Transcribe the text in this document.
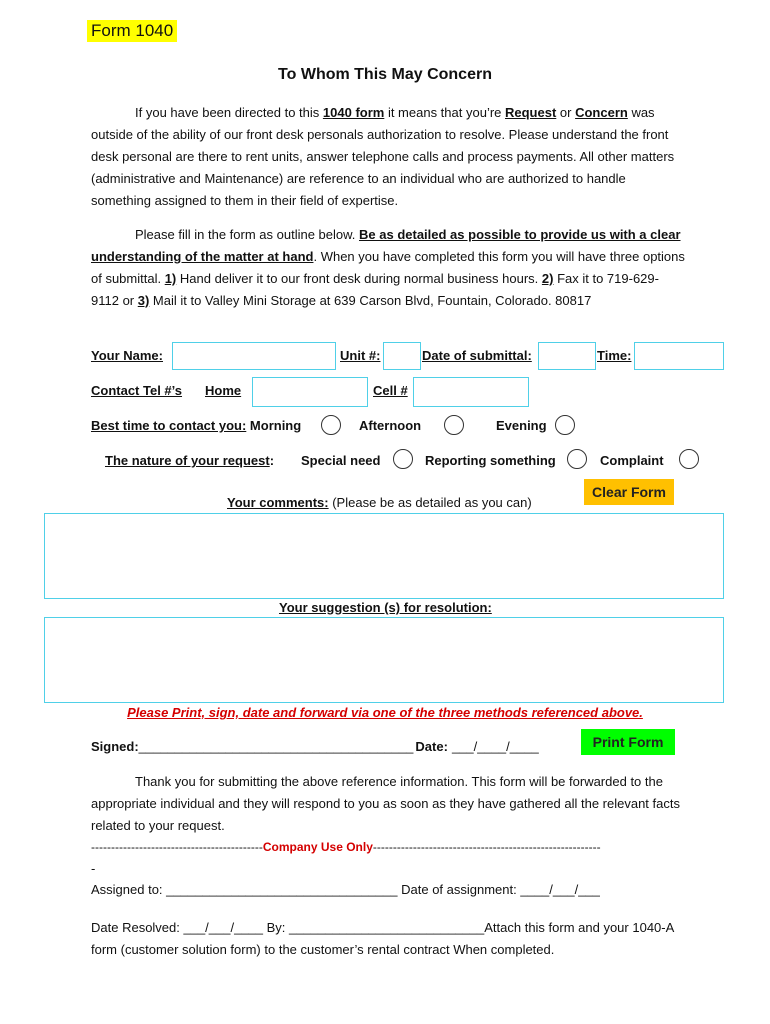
Form 1040
To Whom This May Concern
If you have been directed to this 1040 form it means that you’re Request or Concern was outside of the ability of our front desk personals authorization to resolve. Please understand the front desk personal are there to rent units, answer telephone calls and process payments. All other matters (administrative and Maintenance) are reference to an individual who are authorized to handle something assigned to them in their field of expertise.
Please fill in the form as outline below. Be as detailed as possible to provide us with a clear understanding of the matter at hand. When you have completed this form you will have three options of submittal. 1) Hand deliver it to our front desk during normal business hours. 2) Fax it to 719-629-9112 or 3) Mail it to Valley Mini Storage at 639 Carson Blvd, Fountain, Colorado. 80817
Your Name:	Unit #:	Date of submittal:	Time:
Contact Tel #’s Home	Cell #
Best time to contact you: Morning	Afternoon	Evening
The nature of your request: Special need	Reporting something	Complaint
Clear Form
Your comments: (Please be as detailed as you can)
Your suggestion (s) for resolution:
Please Print, sign, date and forward via one of the three methods referenced above.
Signed:______________________________________ Date: ___/____/____	Print Form
Thank you for submitting the above reference information. This form will be forwarded to the appropriate individual and they will respond to you as soon as they have gathered all the relevant facts related to your request.
-------------------------------------------Company Use Only---------------------------------------------------------
-
Assigned to: ________________________________ Date of assignment: ____/___/___
Date Resolved: ___/___/____ By: ___________________________Attach this form and your 1040-A form (customer solution form) to the customer’s rental contract When completed.
